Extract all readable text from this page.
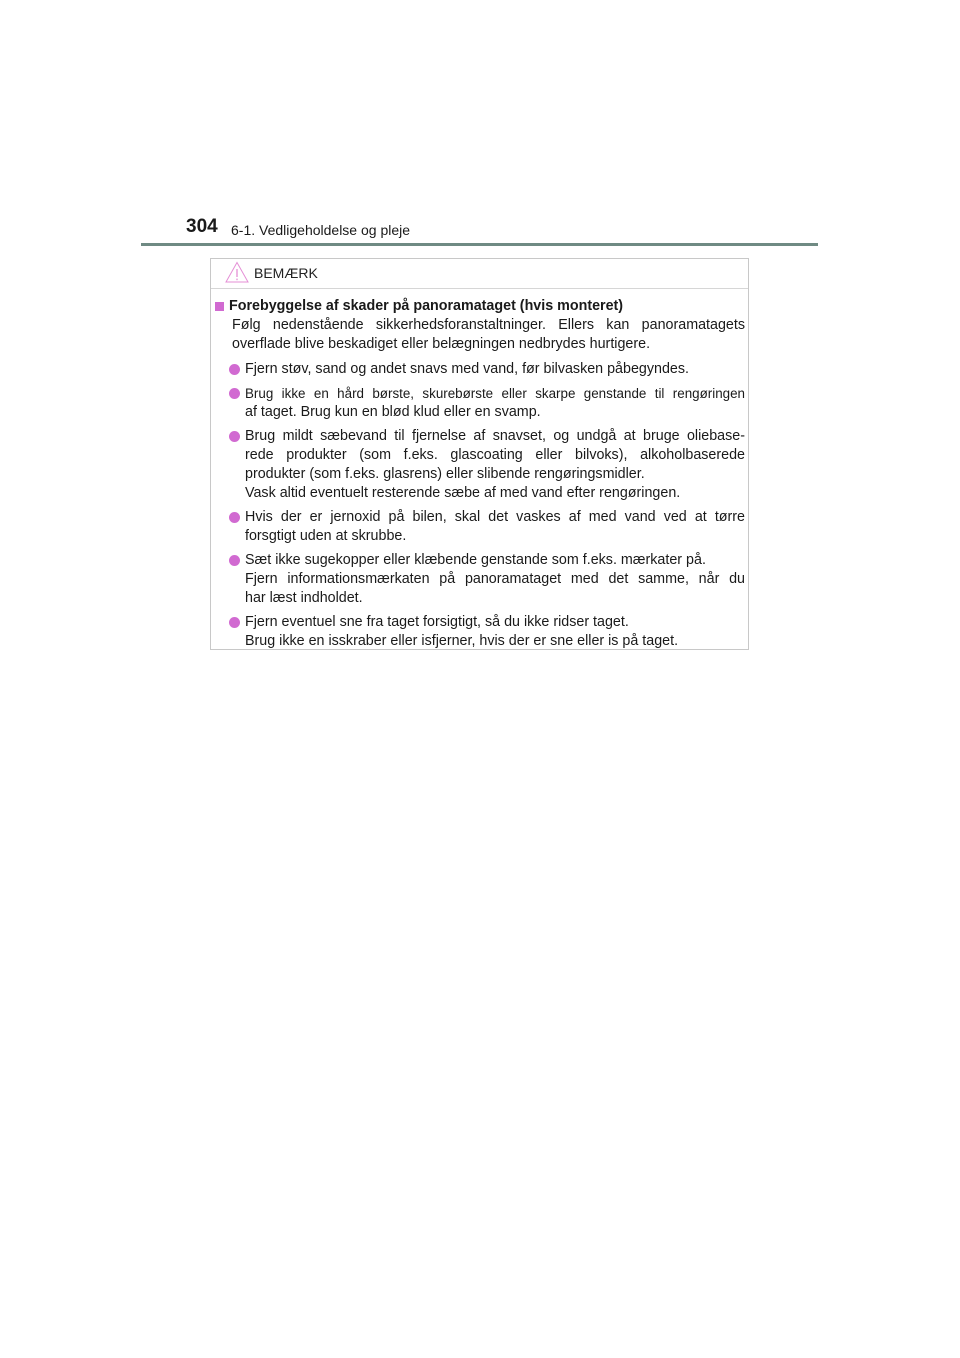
304 6-1. Vedligeholdelse og pleje
BEMÆRK
Forebyggelse af skader på panoramataget (hvis monteret)
Følg nedenstående sikkerhedsforanstaltninger. Ellers kan panoramatagets
overflade blive beskadiget eller belægningen nedbrydes hurtigere.
Fjern støv, sand og andet snavs med vand, før bilvasken påbegyndes.
Brug ikke en hård børste, skurebørste eller skarpe genstande til rengøringen
af taget. Brug kun en blød klud eller en svamp.
Brug mildt sæbevand til fjernelse af snavset, og undgå at bruge oliebase-
rede produkter (som f.eks. glascoating eller bilvoks), alkoholbaserede
produkter (som f.eks. glasrens) eller slibende rengøringsmidler.
Vask altid eventuelt resterende sæbe af med vand efter rengøringen.
Hvis der er jernoxid på bilen, skal det vaskes af med vand ved at tørre
forsgtigt uden at skrubbe.
Sæt ikke sugekopper eller klæbende genstande som f.eks. mærkater på.
Fjern informationsmærkaten på panoramataget med det samme, når du
har læst indholdet.
Fjern eventuel sne fra taget forsigtigt, så du ikke ridser taget.
Brug ikke en isskraber eller isfjerner, hvis der er sne eller is på taget.
